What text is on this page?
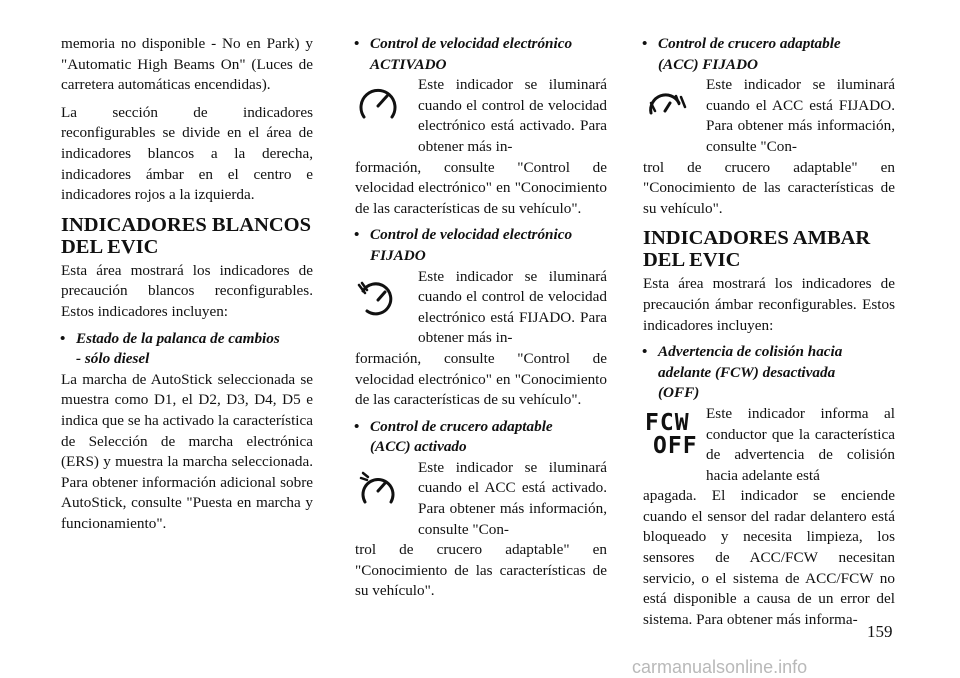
memoria no disponible - No en Park) y "Automatic High Beams On" (Luces de carretera automáticas encendidas).

La sección de indicadores reconfigurables se divide en el área de indicadores blancos a la derecha, indicadores ámbar en el centro e indicadores rojos a la izquierda.

INDICADORES BLANCOS
DEL EVIC

Esta área mostrará los indicadores de precaución blancos reconfigurables. Estos indicadores incluyen:

• Estado de la palanca de cambios
- sólo diesel

La marcha de AutoStick seleccionada se muestra como D1, el D2, D3, D4, D5 e indica que se ha activado la característica de Selección de marcha electrónica (ERS) y muestra la marcha seleccionada. Para obtener información adicional sobre AutoStick, consulte "Puesta en marcha y funcionamiento".

• Control de velocidad electrónico
ACTIVADO

Este indicador se iluminará cuando el control de velocidad electrónico está activado. Para obtener más in-

formación, consulte "Control de velocidad electrónico" en "Conocimiento de las características de su vehículo".

• Control de velocidad electrónico
FIJADO

Este indicador se iluminará cuando el control de velocidad electrónico está FIJADO. Para obtener más in-

formación, consulte "Control de velocidad electrónico" en "Conocimiento de las características de su vehículo".

• Control de crucero adaptable
(ACC) activado

Este indicador se iluminará cuando el ACC está activado. Para obtener más información, consulte "Con-

trol de crucero adaptable" en "Conocimiento de las características de su vehículo".

• Control de crucero adaptable
(ACC) FIJADO

Este indicador se iluminará cuando el ACC está FIJADO. Para obtener más información, consulte "Con-

trol de crucero adaptable" en "Conocimiento de las características de su vehículo".

INDICADORES AMBAR
DEL EVIC

Esta área mostrará los indicadores de precaución ámbar reconfigurables. Estos indicadores incluyen:

• Advertencia de colisión hacia
adelante (FCW) desactivada
(OFF)
FCW
OFF

Este indicador informa al conductor que la característica de advertencia de colisión hacia adelante está

apagada. El indicador se enciende cuando el sensor del radar delantero está bloqueado y necesita limpieza, los sensores de ACC/FCW necesitan servicio, o el sistema de ACC/FCW no está disponible a causa de un error del sistema. Para obtener más informa-

159
carmanualsonline.info
